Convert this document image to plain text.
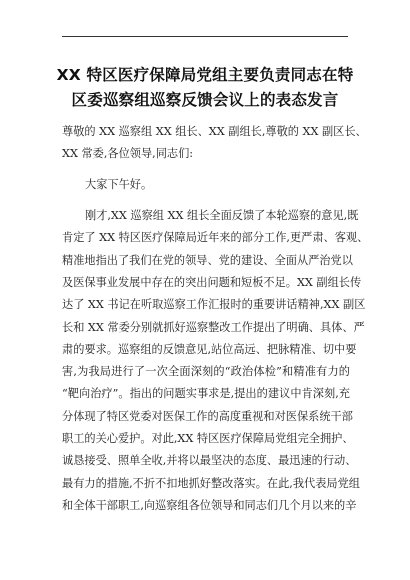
XX 特区医疗保障局党组主要负责同志在特
区委巡察组巡察反馈会议上的表态发言
尊敬的 XX 巡察组 XX 组长、XX 副组长,尊敬的 XX 副区长、
XX 常委,各位领导,同志们:
大家下午好。
刚才,XX 巡察组 XX 组长全面反馈了本轮巡察的意见,既
肯定了 XX 特区医疗保障局近年来的部分工作,更严肃、客观、
精准地指出了我们在党的领导、党的建设、全面从严治党以
及医保事业发展中存在的突出问题和短板不足。XX 副组长传
达了 XX 书记在听取巡察工作汇报时的重要讲话精神,XX 副区
长和 XX 常委分别就抓好巡察整改工作提出了明确、具体、严
肃的要求。巡察组的反馈意见,站位高远、把脉精准、切中要
害,为我局进行了一次全面深刻的“政治体检”和精准有力的
“靶向治疗”。指出的问题实事求是,提出的建议中肯深刻,充
分体现了特区党委对医保工作的高度重视和对医保系统干部
职工的关心爱护。对此,XX 特区医疗保障局党组完全拥护、
诚恳接受、照单全收,并将以最坚决的态度、最迅速的行动、
最有力的措施,不折不扣地抓好整改落实。在此,我代表局党组
和全体干部职工,向巡察组各位领导和同志们几个月以来的辛
